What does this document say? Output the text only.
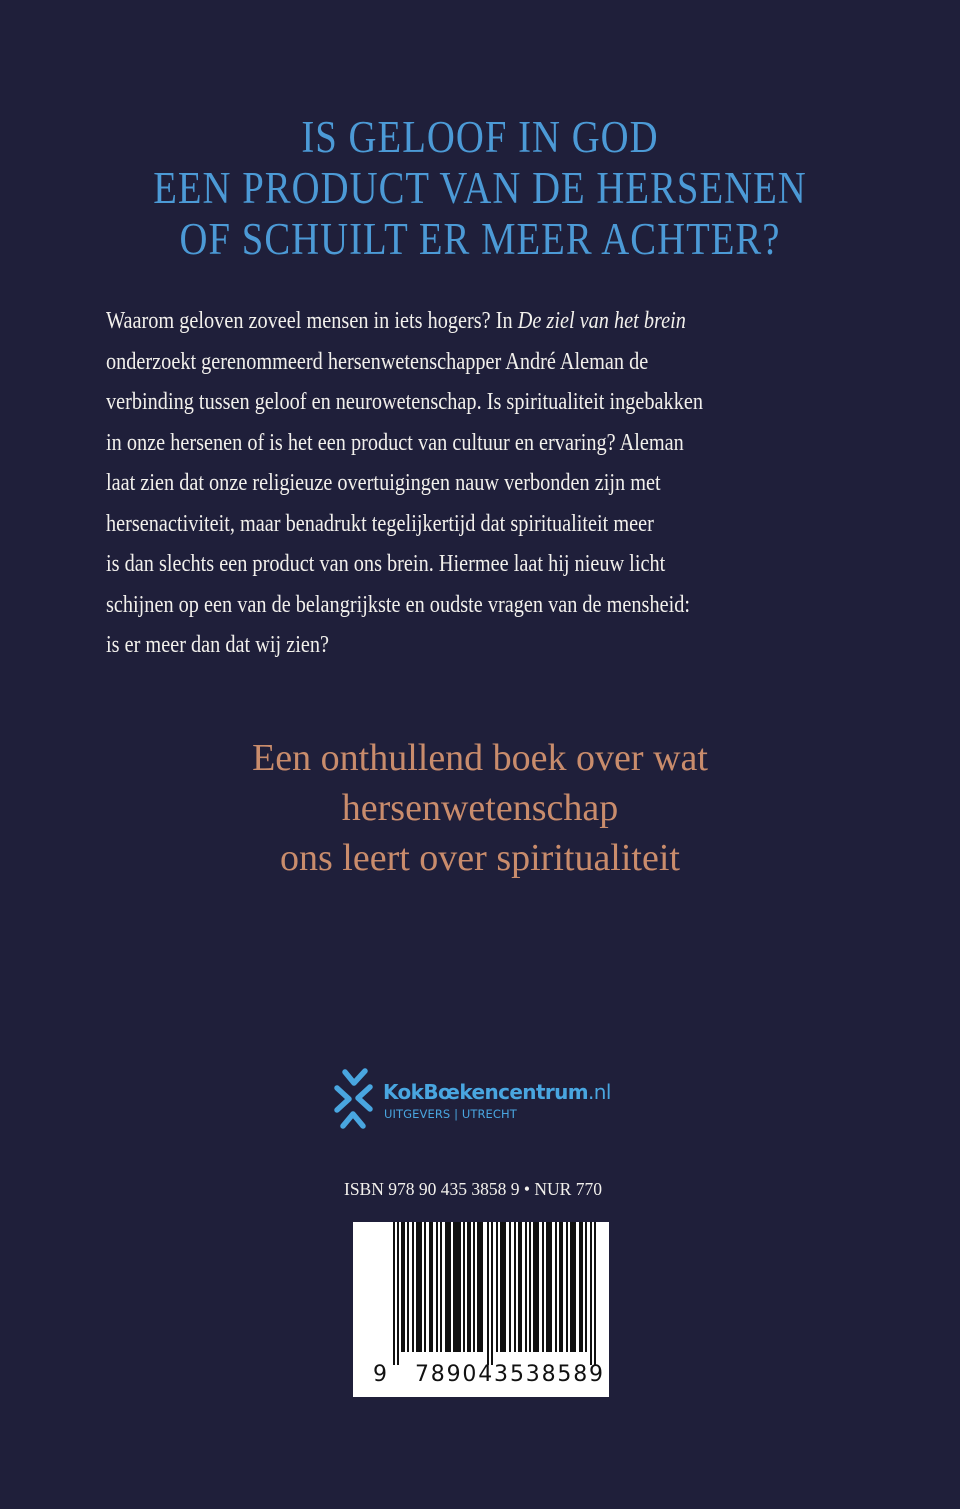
IS GELOOF IN GOD
EEN PRODUCT VAN DE HERSENEN
OF SCHUILT ER MEER ACHTER?
Waarom geloven zoveel mensen in iets hogers? In De ziel van het brein
onderzoekt gerenommeerd hersenwetenschapper André Aleman de
verbinding tussen geloof en neurowetenschap. Is spiritualiteit ingebakken
in onze hersenen of is het een product van cultuur en ervaring? Aleman
laat zien dat onze religieuze overtuigingen nauw verbonden zijn met
hersenactiviteit, maar benadrukt tegelijkertijd dat spiritualiteit meer
is dan slechts een product van ons brein. Hiermee laat hij nieuw licht
schijnen op een van de belangrijkste en oudste vragen van de mensheid:
is er meer dan dat wij zien?
Een onthullend boek over wat
hersenwetenschap
ons leert over spiritualiteit
KokBœkencentrum.nl
UITGEVERS | UTRECHT
ISBN 978 90 435 3858 9 • NUR 770
9 789043 538589
